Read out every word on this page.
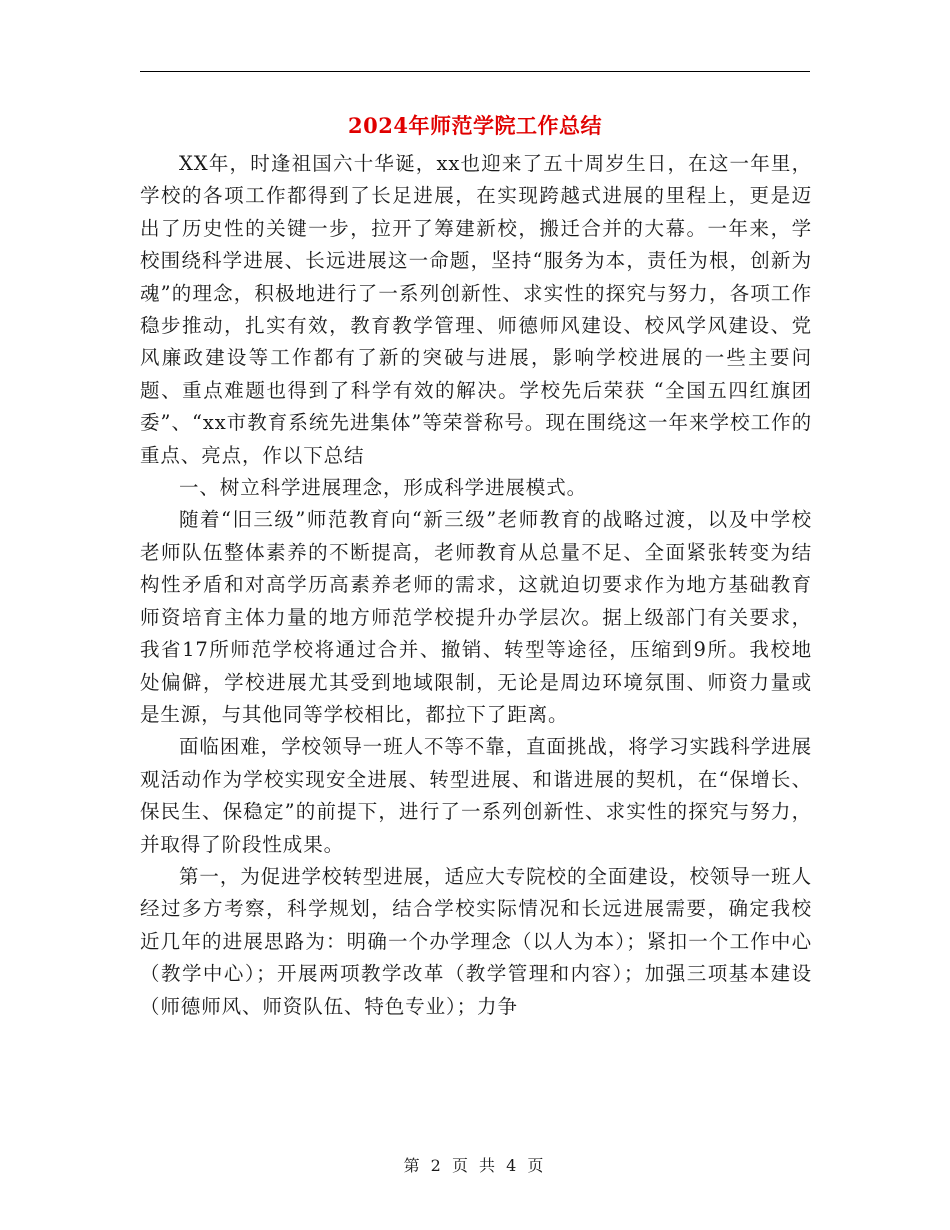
2024年师范学院工作总结

XX年，时逢祖国六十华诞，xx也迎来了五十周岁生日，在这一年里，学校的各项工作都得到了长足进展，在实现跨越式进展的里程上，更是迈出了历史性的关键一步，拉开了筹建新校，搬迁合并的大幕。一年来，学校围绕科学进展、长远进展这一命题，坚持“服务为本，责任为根，创新为魂”的理念，积极地进行了一系列创新性、求实性的探究与努力，各项工作稳步推动，扎实有效，教育教学管理、师德师风建设、校风学风建设、党风廉政建设等工作都有了新的突破与进展，影响学校进展的一些主要问题、重点难题也得到了科学有效的解决。学校先后荣获 “全国五四红旗团委”、“xx市教育系统先进集体”等荣誉称号。现在围绕这一年来学校工作的重点、亮点，作以下总结

一、树立科学进展理念，形成科学进展模式。

随着“旧三级”师范教育向“新三级”老师教育的战略过渡，以及中学校老师队伍整体素养的不断提高，老师教育从总量不足、全面紧张转变为结构性矛盾和对高学历高素养老师的需求，这就迫切要求作为地方基础教育师资培育主体力量的地方师范学校提升办学层次。据上级部门有关要求，我省17所师范学校将通过合并、撤销、转型等途径，压缩到9所。我校地处偏僻，学校进展尤其受到地域限制，无论是周边环境氛围、师资力量或是生源，与其他同等学校相比，都拉下了距离。

面临困难，学校领导一班人不等不靠，直面挑战，将学习实践科学进展观活动作为学校实现安全进展、转型进展、和谐进展的契机，在“保增长、保民生、保稳定”的前提下，进行了一系列创新性、求实性的探究与努力，并取得了阶段性成果。

第一，为促进学校转型进展，适应大专院校的全面建设，校领导一班人经过多方考察，科学规划，结合学校实际情况和长远进展需要，确定我校近几年的进展思路为：明确一个办学理念（以人为本）；紧扣一个工作中心（教学中心）；开展两项教学改革（教学管理和内容）；加强三项基本建设（师德师风、师资队伍、特色专业）；力争

第 2 页 共 4 页
